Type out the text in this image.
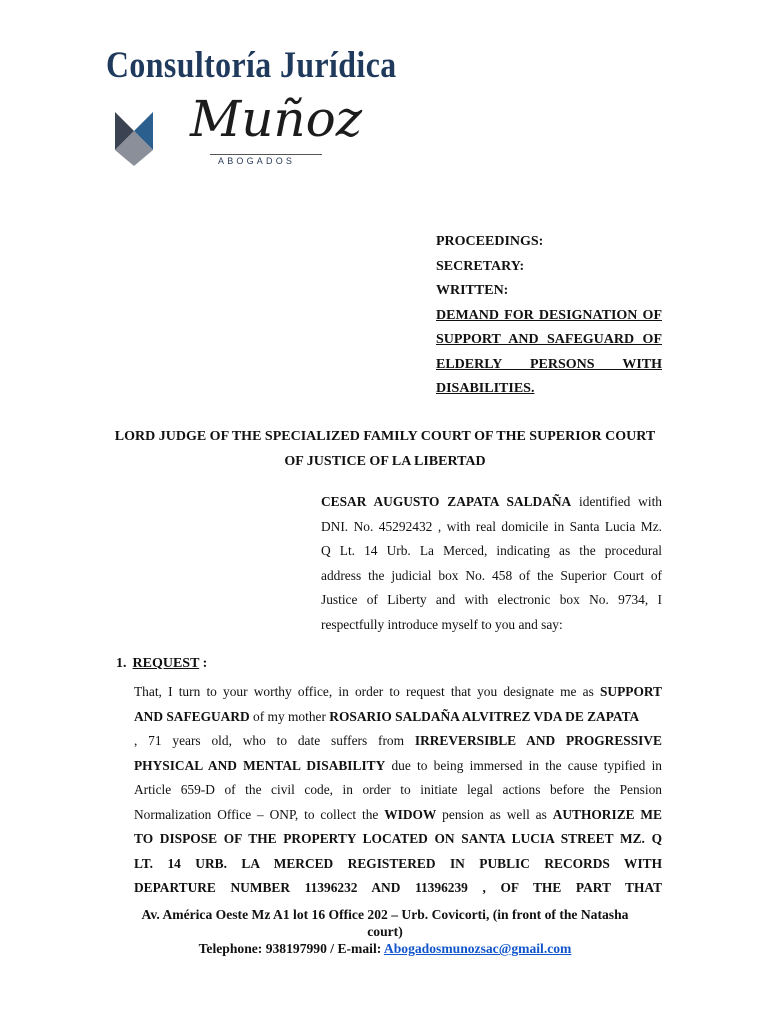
Consultoría Jurídica
Muñoz
ABOGADOS
PROCEEDINGS:
SECRETARY:
WRITTEN:
DEMAND FOR DESIGNATION OF
SUPPORT AND SAFEGUARD OF
ELDERLY PERSONS WITH
DISABILITIES.
LORD JUDGE OF THE SPECIALIZED FAMILY COURT OF THE SUPERIOR COURT
OF JUSTICE OF LA LIBERTAD
CESAR AUGUSTO ZAPATA SALDAÑA identified with
DNI. No. 45292432 , with real domicile in Santa Lucia Mz.
Q Lt. 14 Urb. La Merced, indicating as the procedural
address the judicial box No. 458 of the Superior Court of
Justice of Liberty and with electronic box No. 9734, I
respectfully introduce myself to you and say:
1. REQUEST :
That, I turn to your worthy office, in order to request that you designate me as SUPPORT
AND SAFEGUARD of my mother ROSARIO SALDAÑA ALVITREZ VDA DE ZAPATA
, 71 years old, who to date suffers from IRREVERSIBLE AND PROGRESSIVE
PHYSICAL AND MENTAL DISABILITY due to being immersed in the cause typified in
Article 659-D of the civil code, in order to initiate legal actions before the Pension
Normalization Office – ONP, to collect the WIDOW pension as well as AUTHORIZE ME
TO DISPOSE OF THE PROPERTY LOCATED ON SANTA LUCIA STREET MZ. Q
LT. 14 URB. LA MERCED REGISTERED IN PUBLIC RECORDS WITH
DEPARTURE NUMBER 11396232 AND 11396239 , OF THE PART THAT
Av. América Oeste Mz A1 lot 16 Office 202 – Urb. Covicorti, (in front of the Natasha
court)
Telephone: 938197990 / E-mail: Abogadosmunozsac@gmail.com
